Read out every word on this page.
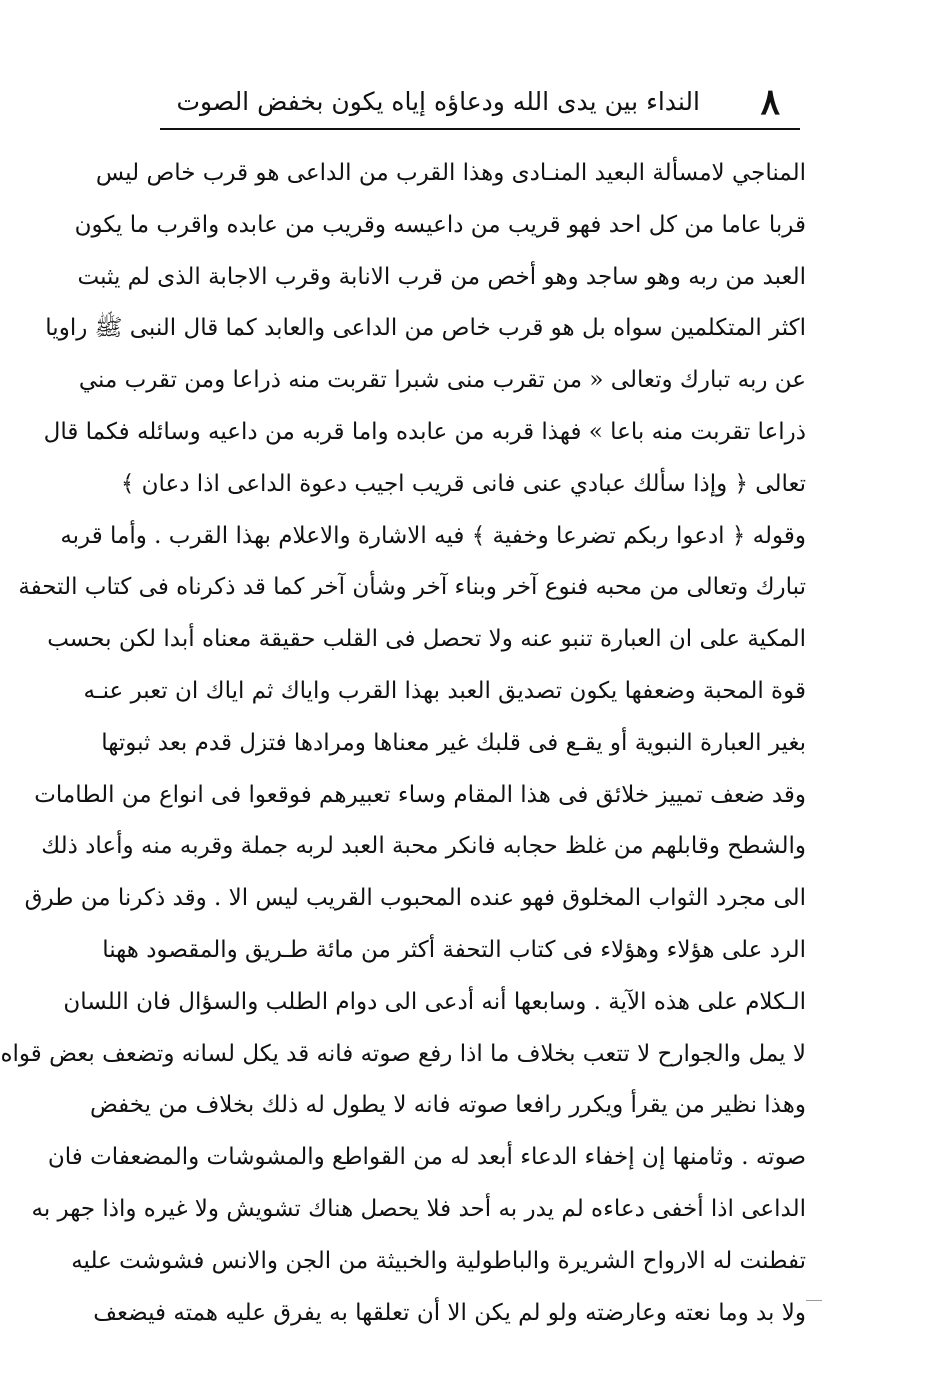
٨
النداء بين يدى الله ودعاؤه إياه يكون بخفض الصوت
المناجي لامسألة البعيد المنـادى وهذا القرب من الداعى هو قرب خاص ليس
قربا عاما من كل احد فهو قريب من داعيسه وقريب من عابده واقرب ما يكون
العبد من ربه وهو ساجد وهو أخص من قرب الانابة وقرب الاجابة الذى لم يثبت
اكثر المتكلمين سواه بل هو قرب خاص من الداعى والعابد كما قال النبى ﷺ راويا
عن ربه تبارك وتعالى « من تقرب منى شبرا تقربت منه ذراعا ومن تقرب مني
ذراعا تقربت منه باعا » فهذا قربه من عابده واما قربه من داعيه وسائله فكما قال
تعالى ﴿ وإذا سألك عبادي عنى فانى قريب اجيب دعوة الداعى اذا دعان ﴾
وقوله ﴿ ادعوا ربكم تضرعا وخفية ﴾ فيه الاشارة والاعلام بهذا القرب . وأما قربه
تبارك وتعالى من محبه فنوع آخر وبناء آخر وشأن آخر كما قد ذكرناه فى كتاب التحفة
المكية على ان العبارة تنبو عنه ولا تحصل فى القلب حقيقة معناه أبدا لكن بحسب
قوة المحبة وضعفها يكون تصديق العبد بهذا القرب واياك ثم اياك ان تعبر عنـه
بغير العبارة النبوية أو يقـع فى قلبك غير معناها ومرادها فتزل قدم بعد ثبوتها
وقد ضعف تمييز خلائق فى هذا المقام وساء تعبيرهم فوقعوا فى انواع من الطامات
والشطح وقابلهم من غلظ حجابه فانكر محبة العبد لربه جملة وقربه منه وأعاد ذلك
الى مجرد الثواب المخلوق فهو عنده المحبوب القريب ليس الا . وقد ذكرنا من طرق
الرد على هؤلاء وهؤلاء فى كتاب التحفة أكثر من مائة طـريق والمقصود ههنا
الـكلام على هذه الآية . وسابعها أنه أدعى الى دوام الطلب والسؤال فان اللسان
لا يمل والجوارح لا تتعب بخلاف ما اذا رفع صوته فانه قد يكل لسانه وتضعف بعض قواه
وهذا نظير من يقرأ ويكرر رافعا صوته فانه لا يطول له ذلك بخلاف من يخفض
صوته . وثامنها إن إخفاء الدعاء أبعد له من القواطع والمشوشات والمضعفات فان
الداعى اذا أخفى دعاءه لم يدر به أحد فلا يحصل هناك تشويش ولا غيره واذا جهر به
تفطنت له الارواح الشريرة والباطولية والخبيثة من الجن والانس فشوشت عليه
ولا بد وما نعته وعارضته ولو لم يكن الا أن تعلقها به يفرق عليه همته فيضعف
